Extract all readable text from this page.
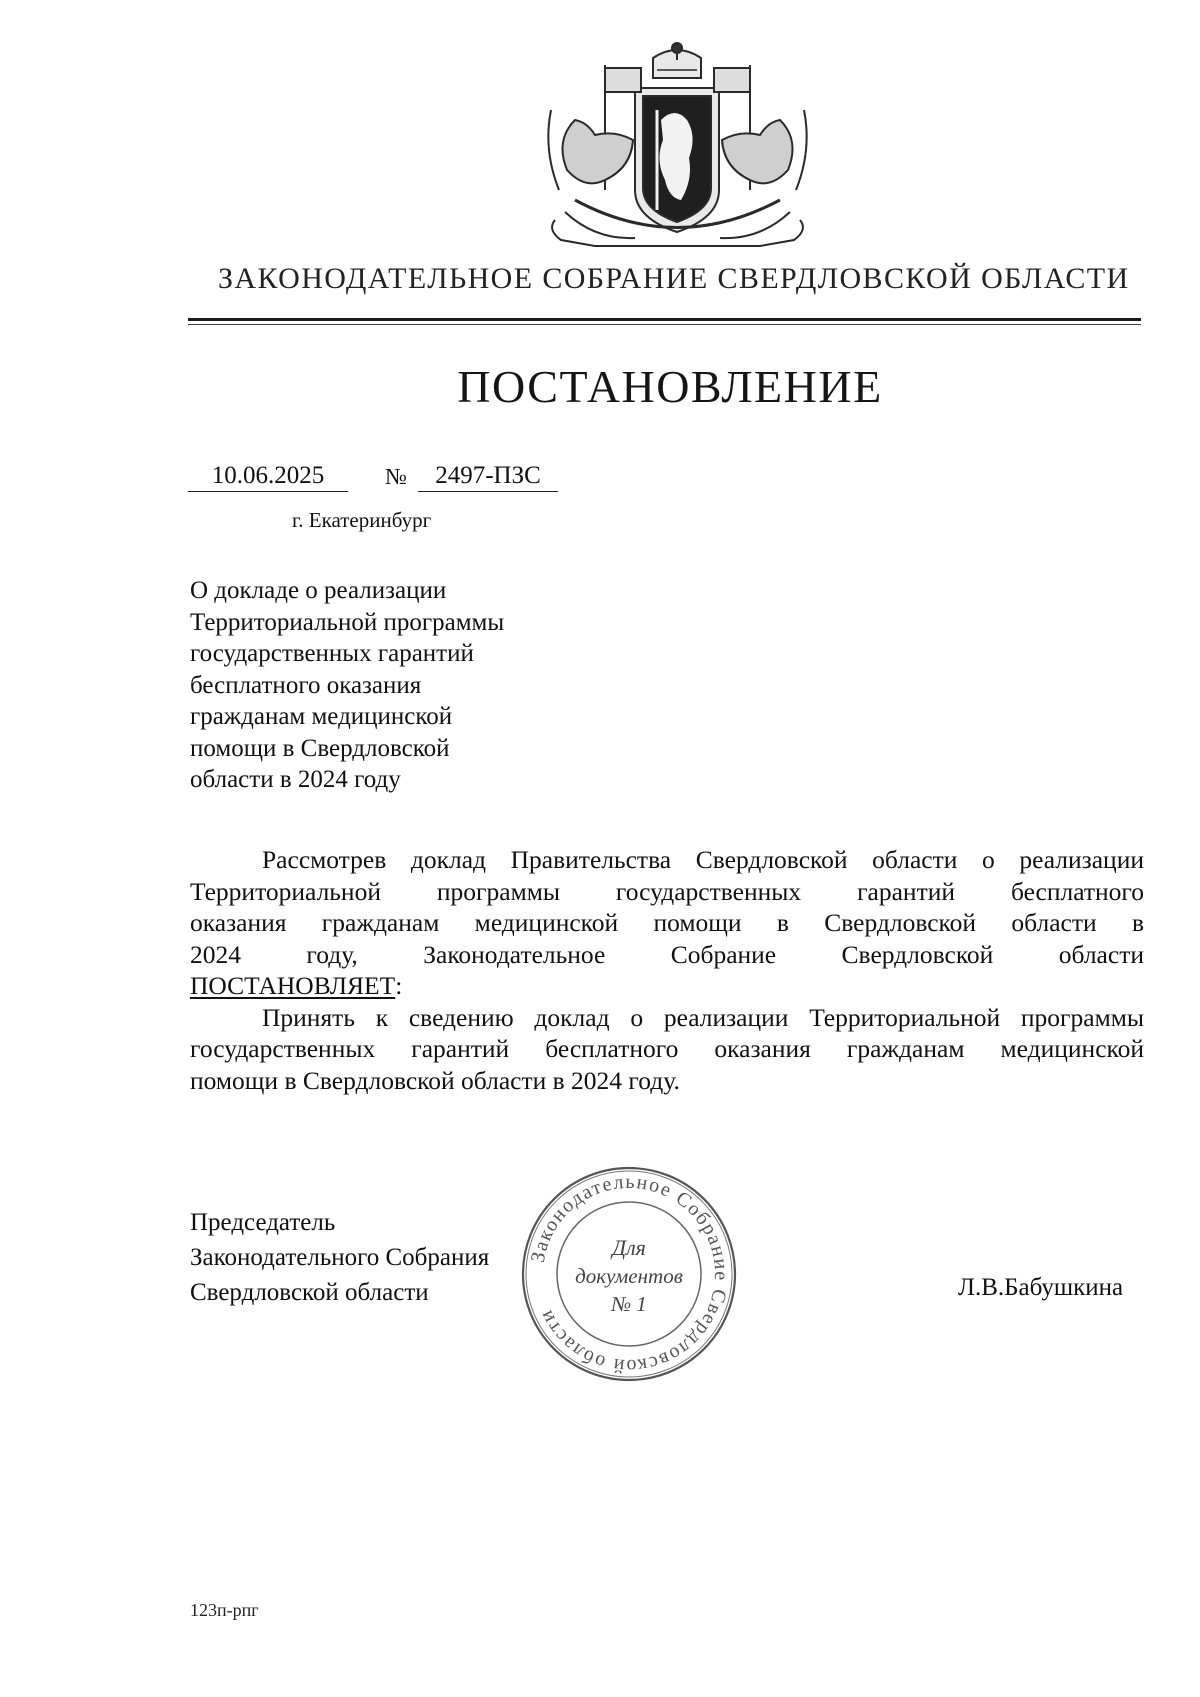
ЗАКОНОДАТЕЛЬНОЕ СОБРАНИЕ СВЕРДЛОВСКОЙ ОБЛАСТИ
ПОСТАНОВЛЕНИЕ
10.06.2025	№	2497-ПЗС
г. Екатеринбург
О докладе о реализации
Территориальной программы
государственных гарантий
бесплатного оказания
гражданам медицинской
помощи в Свердловской
области в 2024 году
Рассмотрев доклад Правительства Свердловской области о реализации
Территориальной программы государственных гарантий бесплатного
оказания гражданам медицинской помощи в Свердловской области в
2024 году, Законодательное Собрание Свердловской области
ПОСТАНОВЛЯЕТ:
Принять к сведению доклад о реализации Территориальной программы
государственных гарантий бесплатного оказания гражданам медицинской
помощи в Свердловской области в 2024 году.
Председатель
Законодательного Собрания
Свердловской области
Законодательное Собрание Свердловской области
Для
документов
№ 1
Л.В.Бабушкина
123п-рпг
